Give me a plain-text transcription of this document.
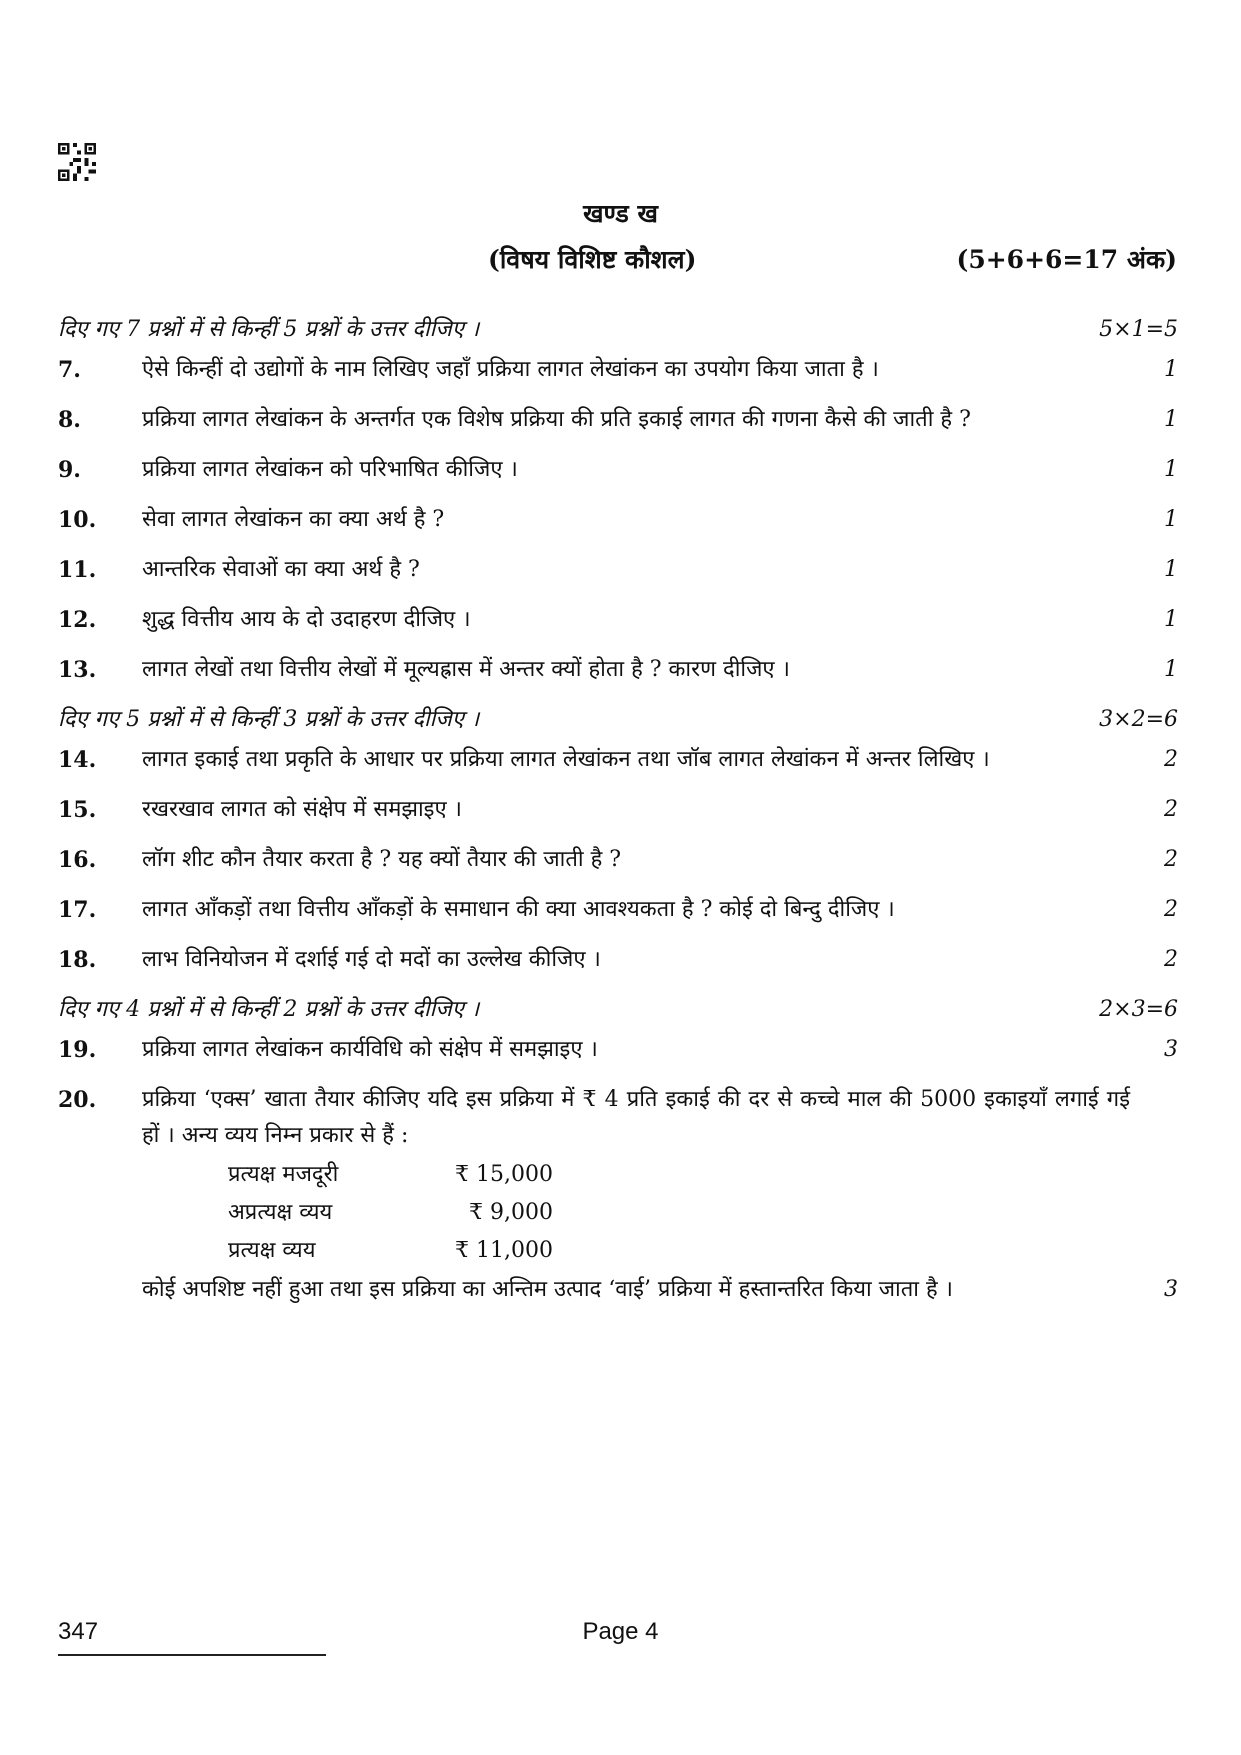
खण्ड ख
(विषय विशिष्ट कौशल)	(5+6+6=17 अंक)
दिए गए 7 प्रश्नों में से किन्हीं 5 प्रश्नों के उत्तर दीजिए ।	5×1=5
7.	ऐसे किन्हीं दो उद्योगों के नाम लिखिए जहाँ प्रक्रिया लागत लेखांकन का उपयोग किया जाता है ।	1
8.	प्रक्रिया लागत लेखांकन के अन्तर्गत एक विशेष प्रक्रिया की प्रति इकाई लागत की गणना कैसे की जाती है ?	1
9.	प्रक्रिया लागत लेखांकन को परिभाषित कीजिए ।	1
10. सेवा लागत लेखांकन का क्या अर्थ है ?	1
11. आन्तरिक सेवाओं का क्या अर्थ है ?	1
12. शुद्ध वित्तीय आय के दो उदाहरण दीजिए ।	1
13. लागत लेखों तथा वित्तीय लेखों में मूल्यह्रास में अन्तर क्यों होता है ? कारण दीजिए ।	1
दिए गए 5 प्रश्नों में से किन्हीं 3 प्रश्नों के उत्तर दीजिए ।	3×2=6
14. लागत इकाई तथा प्रकृति के आधार पर प्रक्रिया लागत लेखांकन तथा जॉब लागत लेखांकन में अन्तर लिखिए ।	2
15. रखरखाव लागत को संक्षेप में समझाइए ।	2
16. लॉग शीट कौन तैयार करता है ? यह क्यों तैयार की जाती है ?	2
17. लागत आँकड़ों तथा वित्तीय आँकड़ों के समाधान की क्या आवश्यकता है ? कोई दो बिन्दु दीजिए ।	2
18. लाभ विनियोजन में दर्शाई गई दो मदों का उल्लेख कीजिए ।	2
दिए गए 4 प्रश्नों में से किन्हीं 2 प्रश्नों के उत्तर दीजिए ।	2×3=6
19. प्रक्रिया लागत लेखांकन कार्यविधि को संक्षेप में समझाइए ।	3
20. प्रक्रिया ‘एक्स’ खाता तैयार कीजिए यदि इस प्रक्रिया में ₹ 4 प्रति इकाई की दर से कच्चे माल की 5000 इकाइयाँ लगाई गई हों । अन्य व्यय निम्न प्रकार से हैं :
प्रत्यक्ष मजदूरी	₹ 15,000
अप्रत्यक्ष व्यय	₹ 9,000
प्रत्यक्ष व्यय	₹ 11,000
कोई अपशिष्ट नहीं हुआ तथा इस प्रक्रिया का अन्तिम उत्पाद ‘वाई’ प्रक्रिया में हस्तान्तरित किया जाता है ।	3
347	Page 4
